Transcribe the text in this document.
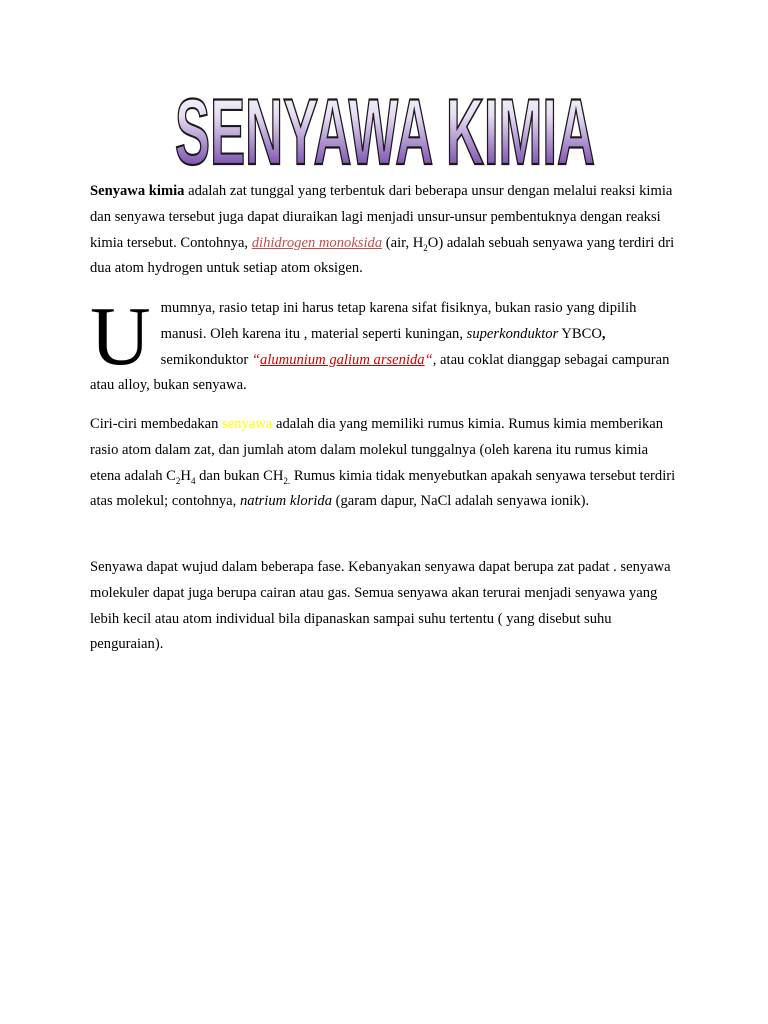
SENYAWA KIMIA

Senyawa kimia adalah zat tunggal yang terbentuk dari beberapa unsur dengan melalui reaksi kimia dan senyawa tersebut juga dapat diuraikan lagi menjadi unsur-unsur pembentuknya dengan reaksi kimia tersebut. Contohnya, dihidrogen monoksida (air, $H_2O$) adalah sebuah senyawa yang terdiri dri dua atom hydrogen untuk setiap atom oksigen.

Umumnya, rasio tetap ini harus tetap karena sifat fisiknya, bukan rasio yang dipilih manusi. Oleh karena itu , material seperti kuningan, superkonduktor YBCO, semikonduktor “alumunium galium arsenida“, atau coklat dianggap sebagai campuran atau alloy, bukan senyawa.

Ciri-ciri membedakan senyawa adalah dia yang memiliki rumus kimia. Rumus kimia memberikan rasio atom dalam zat, dan jumlah atom dalam molekul tunggalnya (oleh karena itu rumus kimia etena adalah $C_2H_4$ dan bukan $CH_{2.}$ Rumus kimia tidak menyebutkan apakah senyawa tersebut terdiri atas molekul; contohnya, natrium klorida (garam dapur, NaCl adalah senyawa ionik).

Senyawa dapat wujud dalam beberapa fase. Kebanyakan senyawa dapat berupa zat padat . senyawa molekuler dapat juga berupa cairan atau gas. Semua senyawa akan terurai menjadi senyawa yang lebih kecil atau atom individual bila dipanaskan sampai suhu tertentu ( yang disebut suhu penguraian).
